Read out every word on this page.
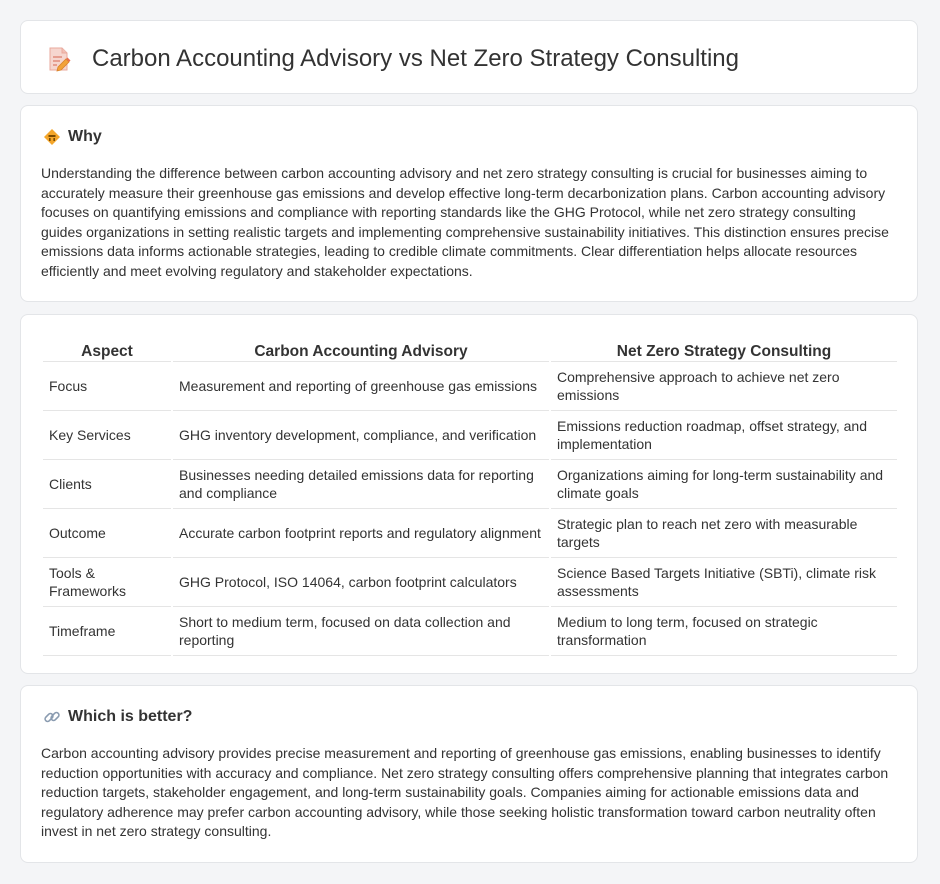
Carbon Accounting Advisory vs Net Zero Strategy Consulting
Why

Understanding the difference between carbon accounting advisory and net zero strategy consulting is crucial for businesses aiming to accurately measure their greenhouse gas emissions and develop effective long-term decarbonization plans. Carbon accounting advisory focuses on quantifying emissions and compliance with reporting standards like the GHG Protocol, while net zero strategy consulting guides organizations in setting realistic targets and implementing comprehensive sustainability initiatives. This distinction ensures precise emissions data informs actionable strategies, leading to credible climate commitments. Clear differentiation helps allocate resources efficiently and meet evolving regulatory and stakeholder expectations.

Aspect	Carbon Accounting Advisory	Net Zero Strategy Consulting
Focus	Measurement and reporting of greenhouse gas emissions	Comprehensive approach to achieve net zero emissions
Key Services	GHG inventory development, compliance, and verification	Emissions reduction roadmap, offset strategy, and implementation
Clients	Businesses needing detailed emissions data for reporting and compliance	Organizations aiming for long-term sustainability and climate goals
Outcome	Accurate carbon footprint reports and regulatory alignment	Strategic plan to reach net zero with measurable targets
Tools & Frameworks	GHG Protocol, ISO 14064, carbon footprint calculators	Science Based Targets Initiative (SBTi), climate risk assessments
Timeframe	Short to medium term, focused on data collection and reporting	Medium to long term, focused on strategic transformation
Which is better?

Carbon accounting advisory provides precise measurement and reporting of greenhouse gas emissions, enabling businesses to identify reduction opportunities with accuracy and compliance. Net zero strategy consulting offers comprehensive planning that integrates carbon reduction targets, stakeholder engagement, and long-term sustainability goals. Companies aiming for actionable emissions data and regulatory adherence may prefer carbon accounting advisory, while those seeking holistic transformation toward carbon neutrality often invest in net zero strategy consulting.
